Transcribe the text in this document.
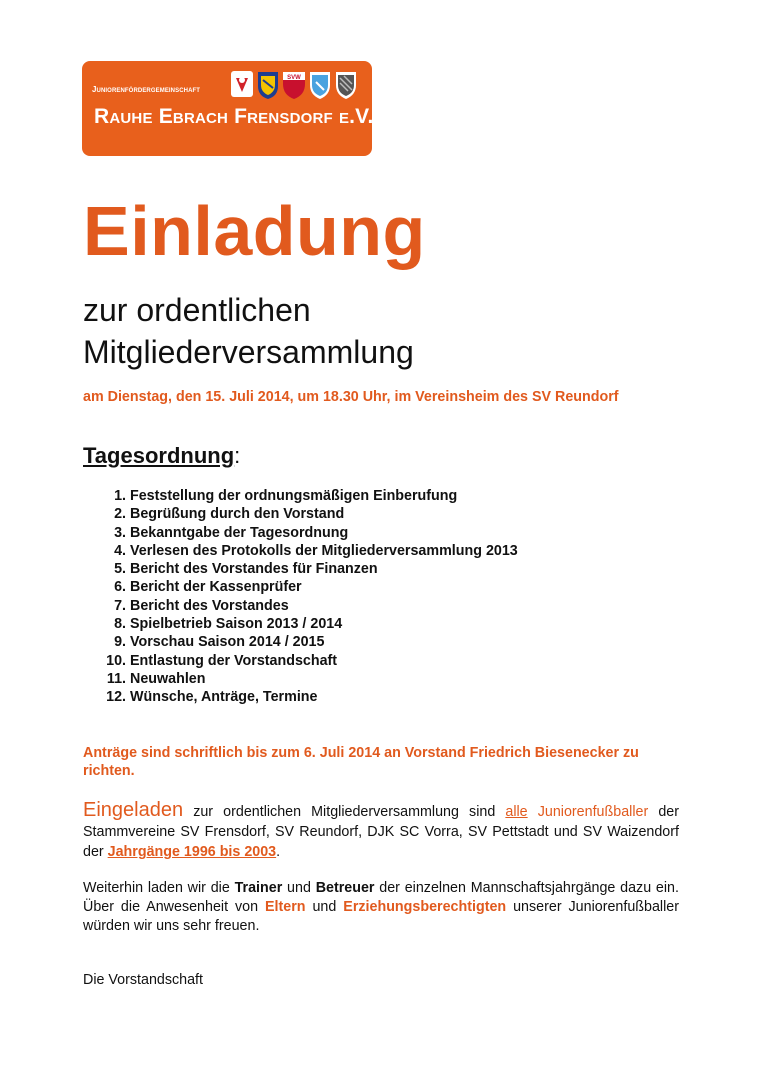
Juniorenfördergemeinschaft
SVW
Rauhe Ebrach Frensdorf e.V.
Einladung
zur ordentlichen
Mitgliederversammlung

am Dienstag, den 15. Juli 2014, um 18.30 Uhr, im Vereinsheim des SV Reundorf

Tagesordnung:
1. Feststellung der ordnungsmäßigen Einberufung
2. Begrüßung durch den Vorstand
3. Bekanntgabe der Tagesordnung
4. Verlesen des Protokolls der Mitgliederversammlung 2013
5. Bericht des Vorstandes für Finanzen
6. Bericht der Kassenprüfer
7. Bericht des Vorstandes
8. Spielbetrieb Saison 2013 / 2014
9. Vorschau Saison 2014 / 2015
10. Entlastung der Vorstandschaft
11. Neuwahlen
12. Wünsche, Anträge, Termine

Anträge sind schriftlich bis zum 6. Juli 2014 an Vorstand Friedrich Biesenecker zu richten.

Eingeladen zur ordentlichen Mitgliederversammlung sind alle Juniorenfußballer der Stammvereine SV Frensdorf, SV Reundorf, DJK SC Vorra, SV Pettstadt und SV Waizendorf der Jahrgänge 1996 bis 2003.

Weiterhin laden wir die Trainer und Betreuer der einzelnen Mannschaftsjahrgänge dazu ein. Über die Anwesenheit von Eltern und Erziehungsberechtigten unserer Juniorenfußballer würden wir uns sehr freuen.

Die Vorstandschaft
